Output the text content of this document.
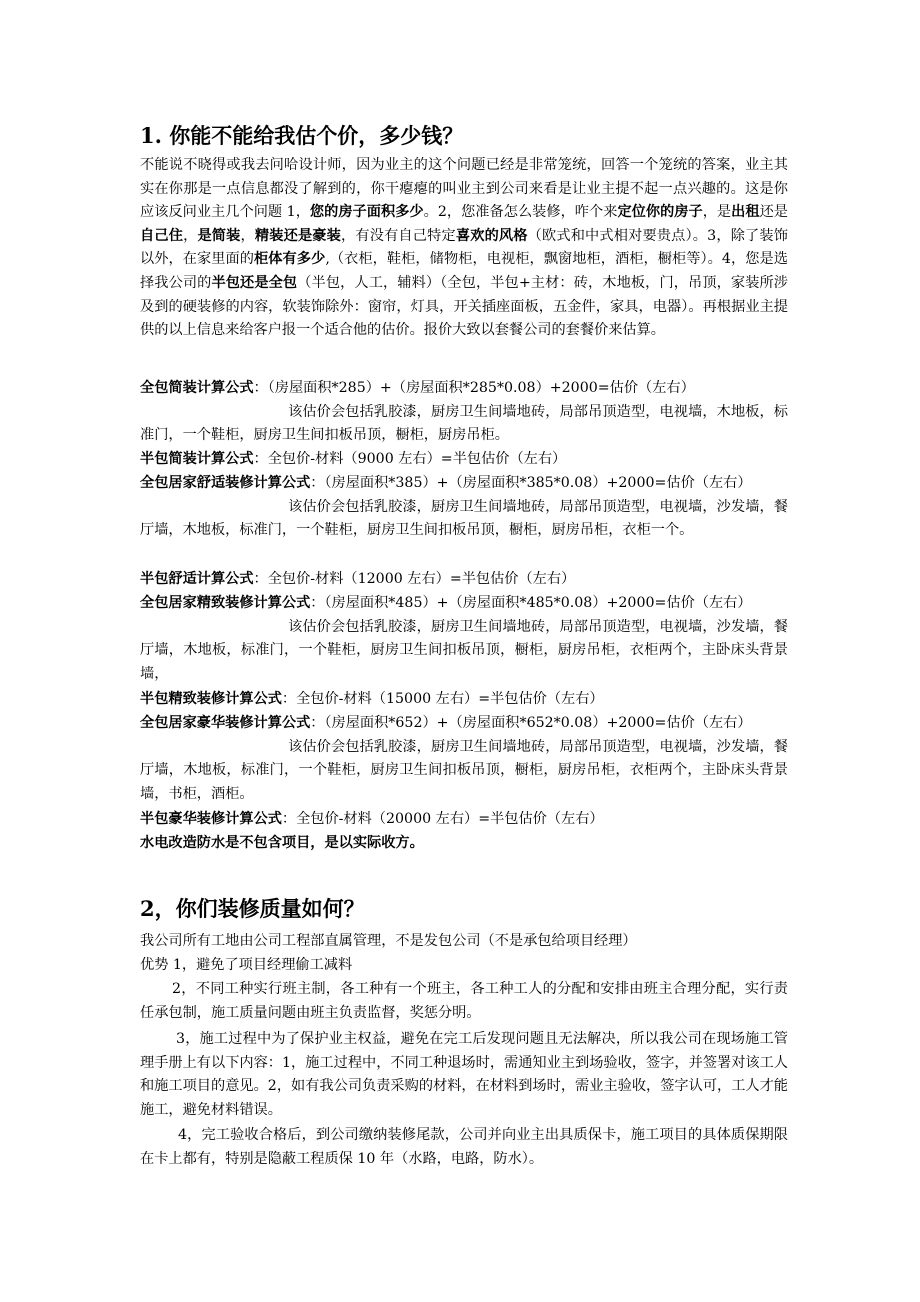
1. 你能不能给我估个价，多少钱？
不能说不晓得或我去问哈设计师，因为业主的这个问题已经是非常笼统，回答一个笼统的答案，业主其实在你那是一点信息都没了解到的，你干瘪瘪的叫业主到公司来看是让业主提不起一点兴趣的。这是你应该反问业主几个问题 1，您的房子面积多少。2，您准备怎么装修，咋个来定位你的房子，是出租还是自己住，是简装，精装还是豪装，有没有自己特定喜欢的风格（欧式和中式相对要贵点）。3，除了装饰以外，在家里面的柜体有多少,（衣柜，鞋柜，储物柜，电视柜，飘窗地柜，酒柜，橱柜等）。4，您是选择我公司的半包还是全包（半包，人工，辅料）（全包，半包+主材：砖，木地板，门，吊顶，家装所涉及到的硬装修的内容，软装饰除外：窗帘，灯具，开关插座面板，五金件，家具，电器）。再根据业主提供的以上信息来给客户报一个适合他的估价。报价大致以套餐公司的套餐价来估算。
全包简装计算公式：（房屋面积*285）+（房屋面积*285*0.08）+2000=估价（左右）
该估价会包括乳胶漆，厨房卫生间墙地砖，局部吊顶造型，电视墙，木地板，标准门，一个鞋柜，厨房卫生间扣板吊顶，橱柜，厨房吊柜。
半包简装计算公式：全包价-材料（9000 左右）=半包估价（左右）
全包居家舒适装修计算公式：（房屋面积*385）+（房屋面积*385*0.08）+2000=估价（左右）
该估价会包括乳胶漆，厨房卫生间墙地砖，局部吊顶造型，电视墙，沙发墙，餐厅墙，木地板，标准门，一个鞋柜，厨房卫生间扣板吊顶，橱柜，厨房吊柜，衣柜一个。
半包舒适计算公式：全包价-材料（12000 左右）=半包估价（左右）
全包居家精致装修计算公式：（房屋面积*485）+（房屋面积*485*0.08）+2000=估价（左右）
该估价会包括乳胶漆，厨房卫生间墙地砖，局部吊顶造型，电视墙，沙发墙，餐厅墙，木地板，标准门，一个鞋柜，厨房卫生间扣板吊顶，橱柜，厨房吊柜，衣柜两个，主卧床头背景墙，
半包精致装修计算公式：全包价-材料（15000 左右）=半包估价（左右）
全包居家豪华装修计算公式：（房屋面积*652）+（房屋面积*652*0.08）+2000=估价（左右）
该估价会包括乳胶漆，厨房卫生间墙地砖，局部吊顶造型，电视墙，沙发墙，餐厅墙，木地板，标准门，一个鞋柜，厨房卫生间扣板吊顶，橱柜，厨房吊柜，衣柜两个，主卧床头背景墙，书柜，酒柜。
半包豪华装修计算公式：全包价-材料（20000 左右）=半包估价（左右）
水电改造防水是不包含项目，是以实际收方。
2，你们装修质量如何？
我公司所有工地由公司工程部直属管理，不是发包公司（不是承包给项目经理）
优势 1，避免了项目经理偷工减料
2，不同工种实行班主制，各工种有一个班主，各工种工人的分配和安排由班主合理分配，实行责任承包制，施工质量问题由班主负责监督，奖惩分明。
3，施工过程中为了保护业主权益，避免在完工后发现问题且无法解决，所以我公司在现场施工管理手册上有以下内容：1，施工过程中，不同工种退场时，需通知业主到场验收，签字，并签署对该工人和施工项目的意见。2，如有我公司负责采购的材料，在材料到场时，需业主验收，签字认可，工人才能施工，避免材料错误。
4，完工验收合格后，到公司缴纳装修尾款，公司并向业主出具质保卡，施工项目的具体质保期限在卡上都有，特别是隐蔽工程质保 10 年（水路，电路，防水）。
